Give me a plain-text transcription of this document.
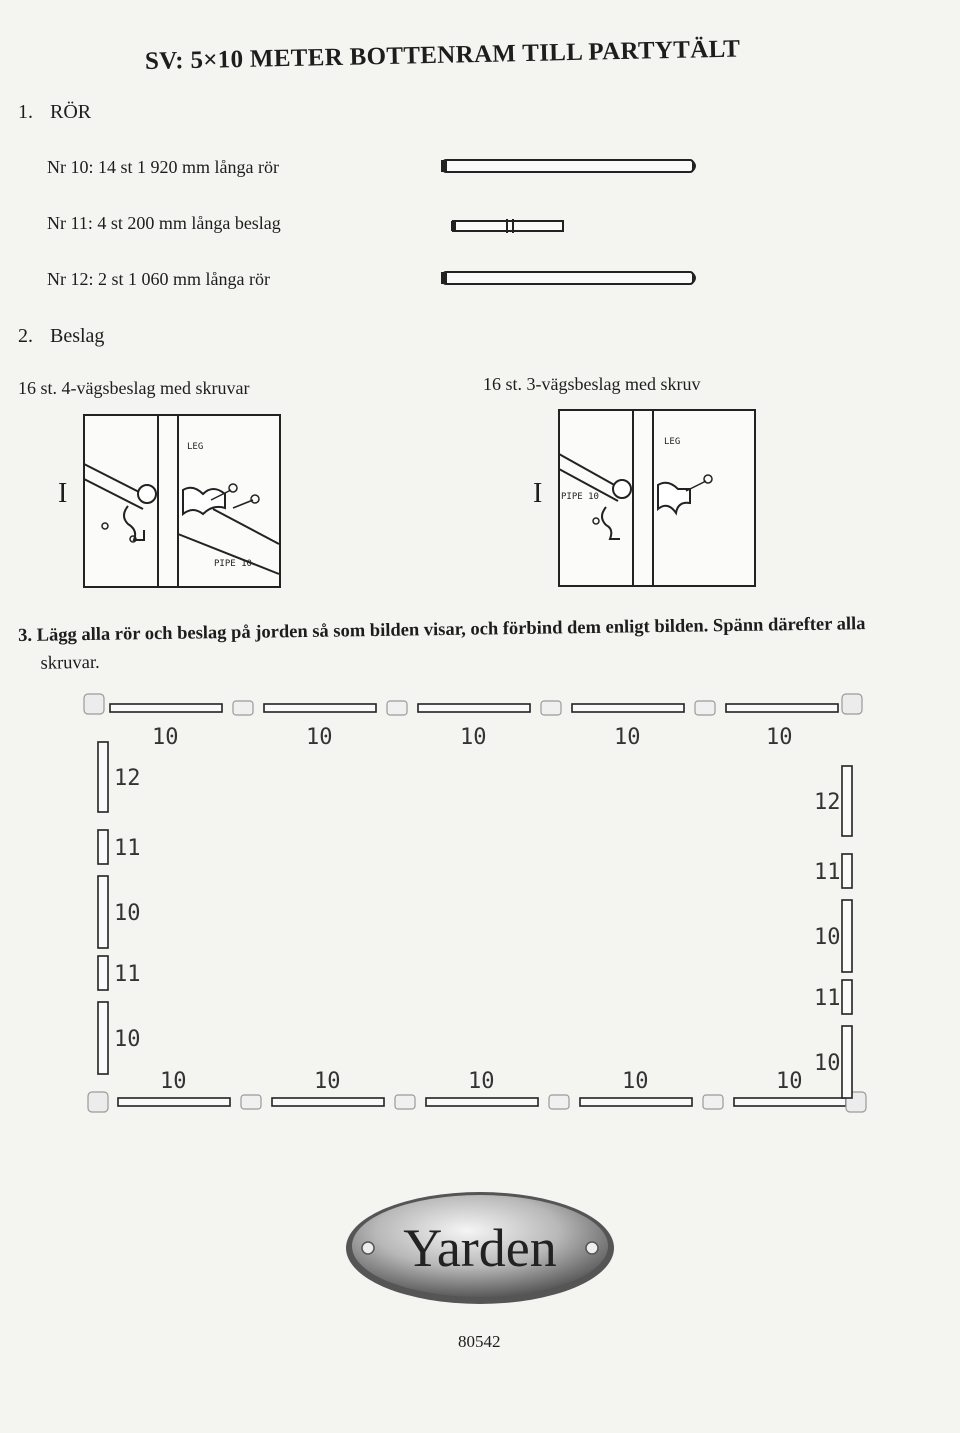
SV: 5×10 METER BOTTENRAM TILL PARTYTÄLT
1. RÖR
Nr 10: 14 st 1 920 mm långa rör
Nr 11: 4 st 200 mm långa beslag
Nr 12: 2 st 1 060 mm långa rör
2. Beslag
16 st. 4-vägsbeslag med skruvar	16 st. 3-vägsbeslag med skruv
I
LEG
PIPE 10
I
LEG
PIPE 10
3. Lägg alla rör och beslag på jorden så som bilden visar, och förbind dem enligt bilden. Spänn därefter alla
skruvar.
10	10	10	10	10
10	10	10	10	10
12
11
10
11
10
12
11
10
11
10
Yarden
80542
